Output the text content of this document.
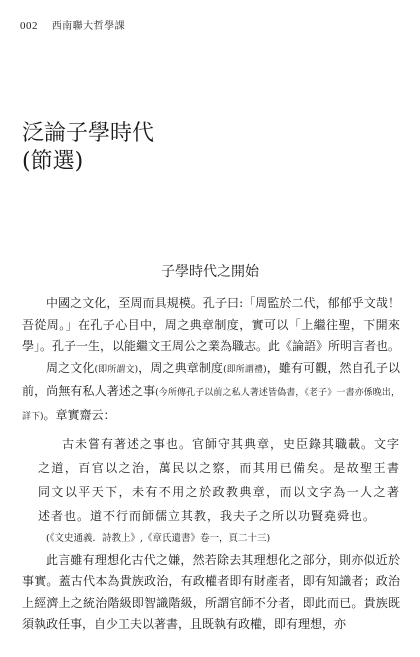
002 西南聯大哲學課
泛論子學時代
(節選)
子學時代之開始

中國之文化，至周而具規模。孔子曰:「周監於二代，郁郁乎文哉！吾從周。」在孔子心目中，周之典章制度，實可以「上繼往聖，下開來學」。孔子一生，以能繼文王周公之業為職志。此《論語》所明言者也。

周之文化(即所謂文)，周之典章制度(即所謂禮)，雖有可觀，然自孔子以前，尚無有私人著述之事(今所傳孔子以前之私人著述皆偽書，《老子》一書亦係晚出，詳下)。章實齋云：

古未嘗有著述之事也。官師守其典章，史臣錄其職載。文字之道，百官以之治，萬民以之察，而其用已備矣。是故聖王書同文以平天下，未有不用之於政教典章，而以文字為一人之著述者也。道不行而師儒立其教，我夫子之所以功賢堯舜也。

(《文史通義．詩教上》,《章氏遺書》卷一，頁二十三)

此言雖有理想化古代之嫌，然若除去其理想化之部分，則亦似近於事實。蓋古代本為貴族政治，有政權者即有財產者，即有知識者；政治上經濟上之統治階級即智識階級，所謂官師不分者，即此而已。貴族既須執政任事，自少工夫以著書，且既執有政權，即有理想，亦
